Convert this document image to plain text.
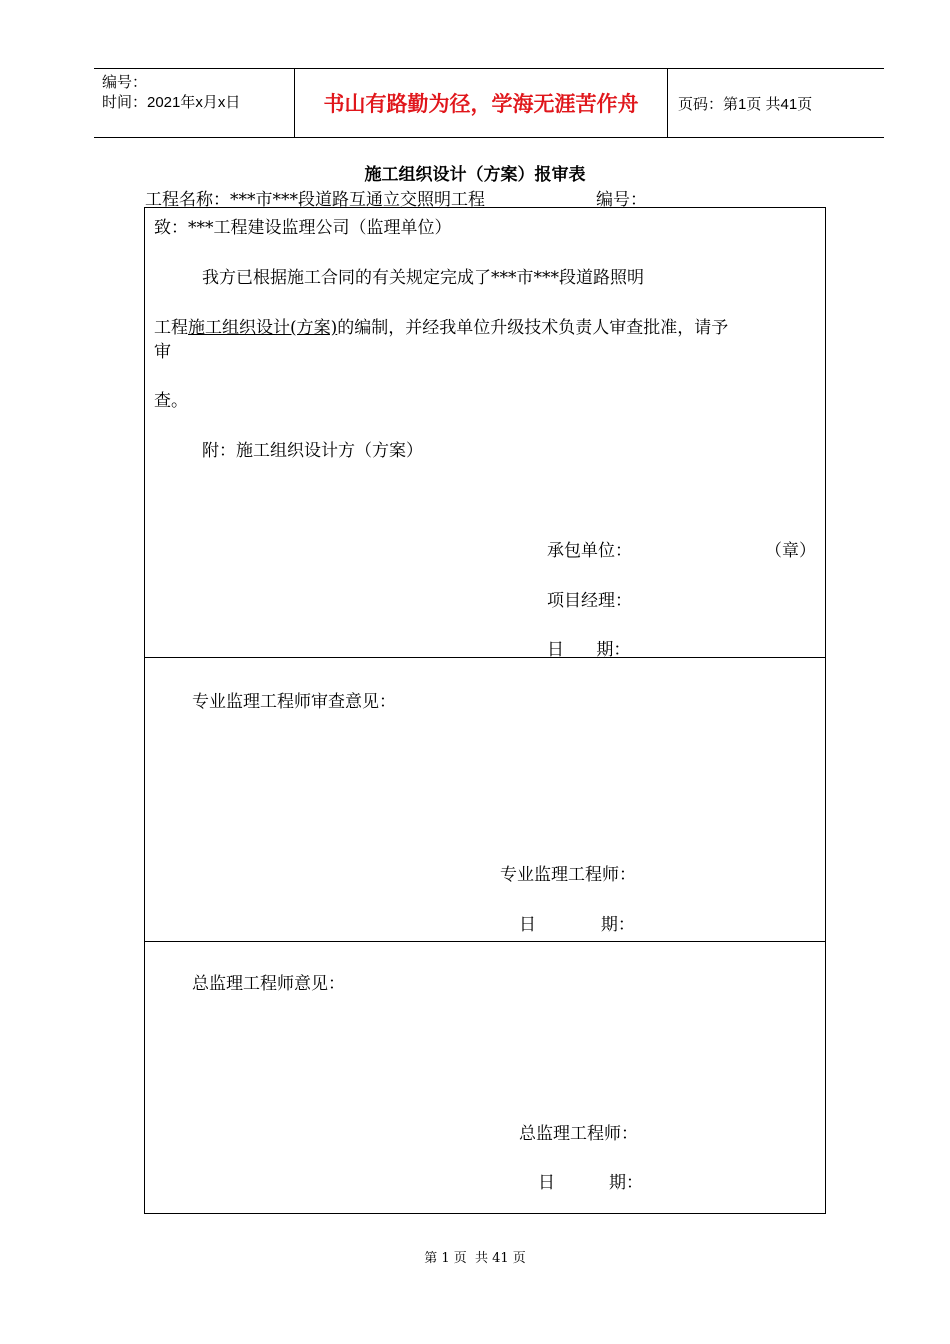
编号：
时间：2021年x月x日	书山有路勤为径，学海无涯苦作舟	页码：第1页 共41页
施工组织设计（方案）报审表
工程名称：***市***段道路互通立交照明工程	编号：
致：***工程建设监理公司（监理单位）
我方已根据施工合同的有关规定完成了***市***段道路照明
工程施工组织设计(方案)的编制，并经我单位升级技术负责人审查批准，请予
审
查。
附：施工组织设计方（方案）
承包单位：	（章）
项目经理：
日      期：
专业监理工程师审查意见：
专业监理工程师：
日            期：
总监理工程师意见：
总监理工程师：
日          期：
第 1 页  共 41 页
